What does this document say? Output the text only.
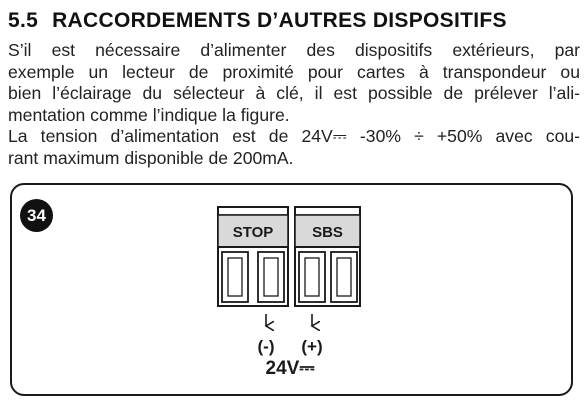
5.5 RACCORDEMENTS D’AUTRES DISPOSITIFS
S’il est nécessaire d’alimenter des dispositifs extérieurs, par
exemple un lecteur de proximité pour cartes à transpondeur ou
bien l’éclairage du sélecteur à clé, il est possible de prélever l’ali-
mentation comme l’indique la figure.
La tension d’alimentation est de 24V⎓ -30% ÷ +50% avec cou-
rant maximum disponible de 200mA.
34
STOP	SBS
(-) (+)
24V⎓
